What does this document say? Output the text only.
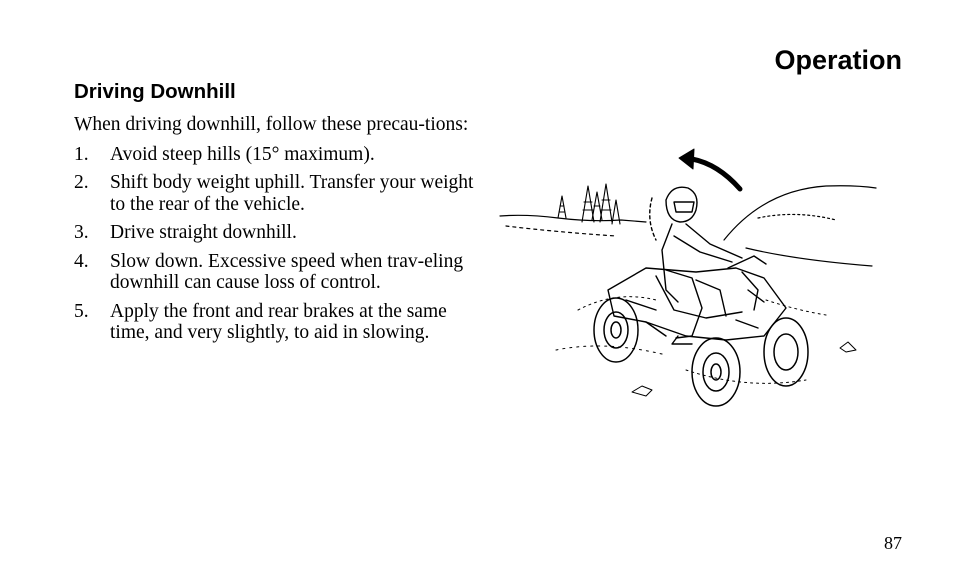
Operation
Driving Downhill

When driving downhill, follow these precau-tions:

1.	Avoid steep hills (15° maximum).
2.	Shift body weight uphill. Transfer your weight to the rear of the vehicle.
3.	Drive straight downhill.
4.	Slow down. Excessive speed when trav-eling downhill can cause loss of control.
5.	Apply the front and rear brakes at the same time, and very slightly, to aid in slowing.
87
